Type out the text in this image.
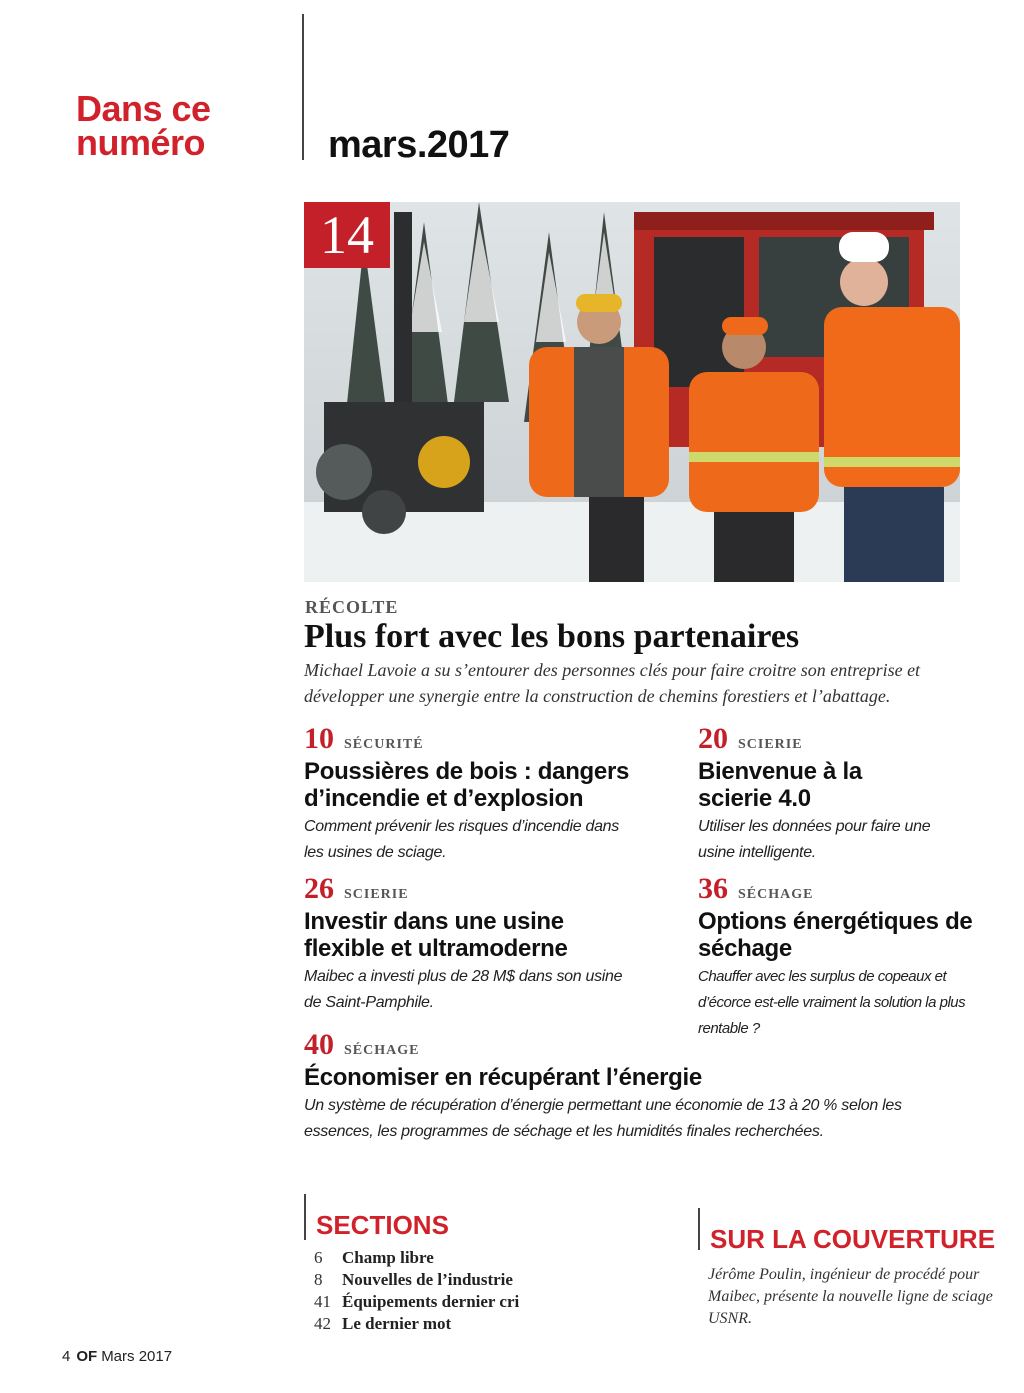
Dans ce
numéro	mars.2017
14
RÉCOLTE
Plus fort avec les bons partenaires
Michael Lavoie a su s’entourer des personnes clés pour faire croitre son entreprise et développer une synergie entre la construction de chemins forestiers et l’abattage.
10 SÉCURITÉ
Poussières de bois : dangers d’incendie et d’explosion
Comment prévenir les risques d’incendie dans les usines de sciage.
20 SCIERIE
Bienvenue à la scierie 4.0
Utiliser les données pour faire une usine intelligente.
26 SCIERIE
Investir dans une usine flexible et ultramoderne
Maibec a investi plus de 28 M$ dans son usine de Saint-Pamphile.
36 SÉCHAGE
Options énergétiques de séchage
Chauffer avec les surplus de copeaux et d’écorce est-elle vraiment la solution la plus rentable ?
40 SÉCHAGE
Économiser en récupérant l’énergie
Un système de récupération d’énergie permettant une économie de 13 à 20 % selon les essences, les programmes de séchage et les humidités finales recherchées.
SECTIONS
6	Champ libre
8	Nouvelles de l’industrie
41 Équipements dernier cri
42 Le dernier mot
SUR LA COUVERTURE
Jérôme Poulin, ingénieur de procédé pour Maibec, présente la nouvelle ligne de sciage USNR.
4 OF Mars 2017
